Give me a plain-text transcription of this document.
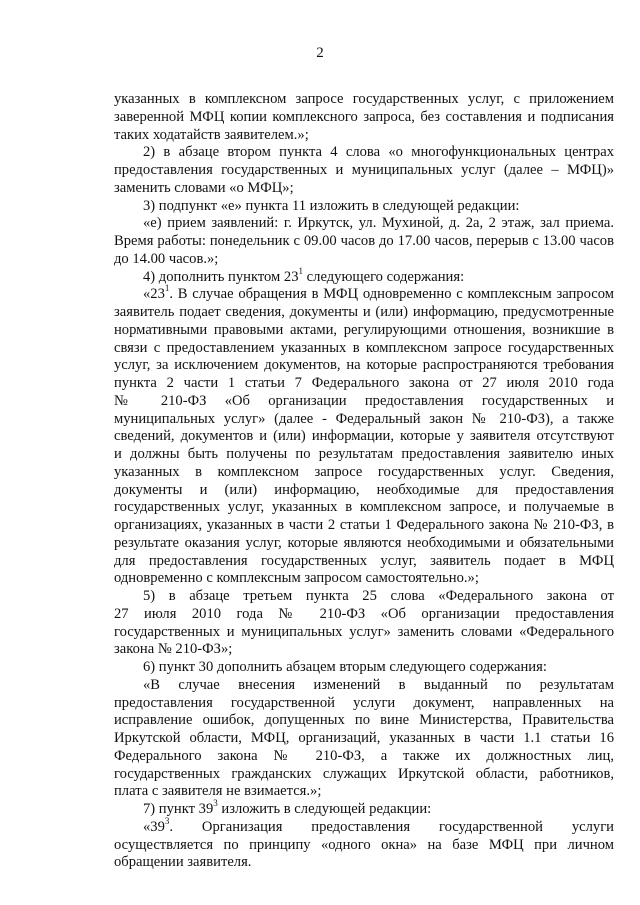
2
указанных в комплексном запросе государственных услуг, с приложением
заверенной МФЦ копии комплексного запроса, без составления и подписания
таких ходатайств заявителем.»;
2) в абзаце втором пункта 4 слова «о многофункциональных центрах
предоставления государственных и муниципальных услуг (далее – МФЦ)»
заменить словами «о МФЦ»;
3) подпункт «е» пункта 11 изложить в следующей редакции:
«е) прием заявлений: г. Иркутск, ул. Мухиной, д. 2а, 2 этаж, зал приема.
Время работы: понедельник с 09.00 часов до 17.00 часов, перерыв с 13.00 часов
до 14.00 часов.»;
4) дополнить пунктом $23^1$ следующего содержания:
«$23^1$. В случае обращения в МФЦ одновременно с комплексным запросом
заявитель подает сведения, документы и (или) информацию, предусмотренные
нормативными правовыми актами, регулирующими отношения, возникшие в
связи с предоставлением указанных в комплексном запросе государственных
услуг, за исключением документов, на которые распространяются требования
пункта 2 части 1 статьи 7 Федерального закона от 27 июля 2010 года
№ 210-ФЗ «Об организации предоставления государственных и
муниципальных услуг» (далее - Федеральный закон № 210-ФЗ), а также
сведений, документов и (или) информации, которые у заявителя отсутствуют
и должны быть получены по результатам предоставления заявителю иных
указанных в комплексном запросе государственных услуг. Сведения,
документы и (или) информацию, необходимые для предоставления
государственных услуг, указанных в комплексном запросе, и получаемые в
организациях, указанных в части 2 статьи 1 Федерального закона № 210-ФЗ, в
результате оказания услуг, которые являются необходимыми и обязательными
для предоставления государственных услуг, заявитель подает в МФЦ
одновременно с комплексным запросом самостоятельно.»;
5) в абзаце третьем пункта 25 слова «Федерального закона от
27 июля 2010 года № 210-ФЗ «Об организации предоставления
государственных и муниципальных услуг» заменить словами «Федерального
закона № 210-ФЗ»;
6) пункт 30 дополнить абзацем вторым следующего содержания:
«В случае внесения изменений в выданный по результатам
предоставления государственной услуги документ, направленных на
исправление ошибок, допущенных по вине Министерства, Правительства
Иркутской области, МФЦ, организаций, указанных в части 1.1 статьи 16
Федерального закона № 210-ФЗ, а также их должностных лиц,
государственных гражданских служащих Иркутской области, работников,
плата с заявителя не взимается.»;
7) пункт $39^3$ изложить в следующей редакции:
«$39^3$. Организация предоставления государственной услуги
осуществляется по принципу «одного окна» на базе МФЦ при личном
обращении заявителя.
